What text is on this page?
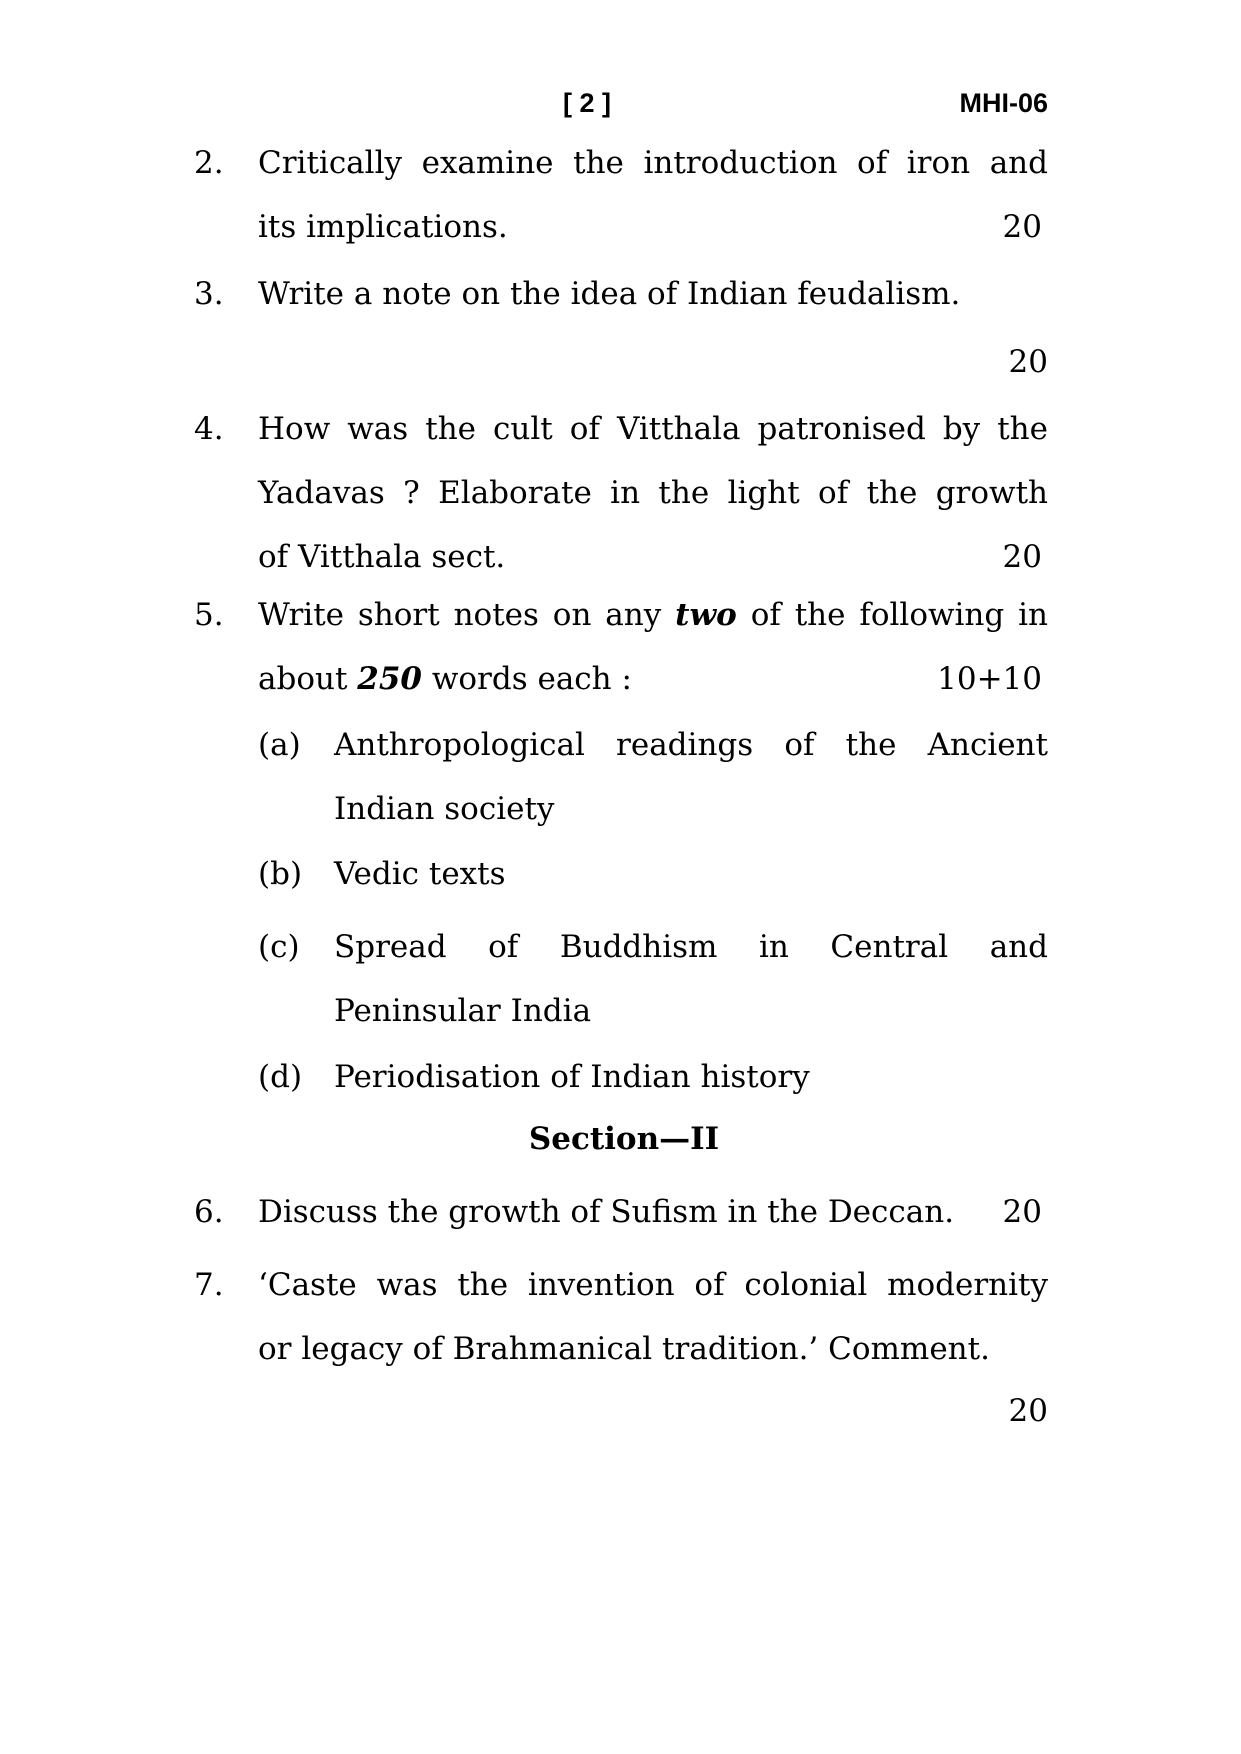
[ 2 ]	MHI-06
2.	Critically examine the introduction of iron and
its implications.	20
3.	Write a note on the idea of Indian feudalism.
20
4.	How was the cult of Vitthala patronised by the
Yadavas ? Elaborate in the light of the growth
of Vitthala sect.	20
5.	Write short notes on any two of the following in
about 250 words each :	10+10
(a)	Anthropological readings of the Ancient
Indian society
(b)	Vedic texts
(c)	Spread of Buddhism in Central and
Peninsular India
(d)	Periodisation of Indian history
Section—II
6.	Discuss the growth of Sufism in the Deccan. 20
7.	‘Caste was the invention of colonial modernity
or legacy of Brahmanical tradition.’ Comment.
20
